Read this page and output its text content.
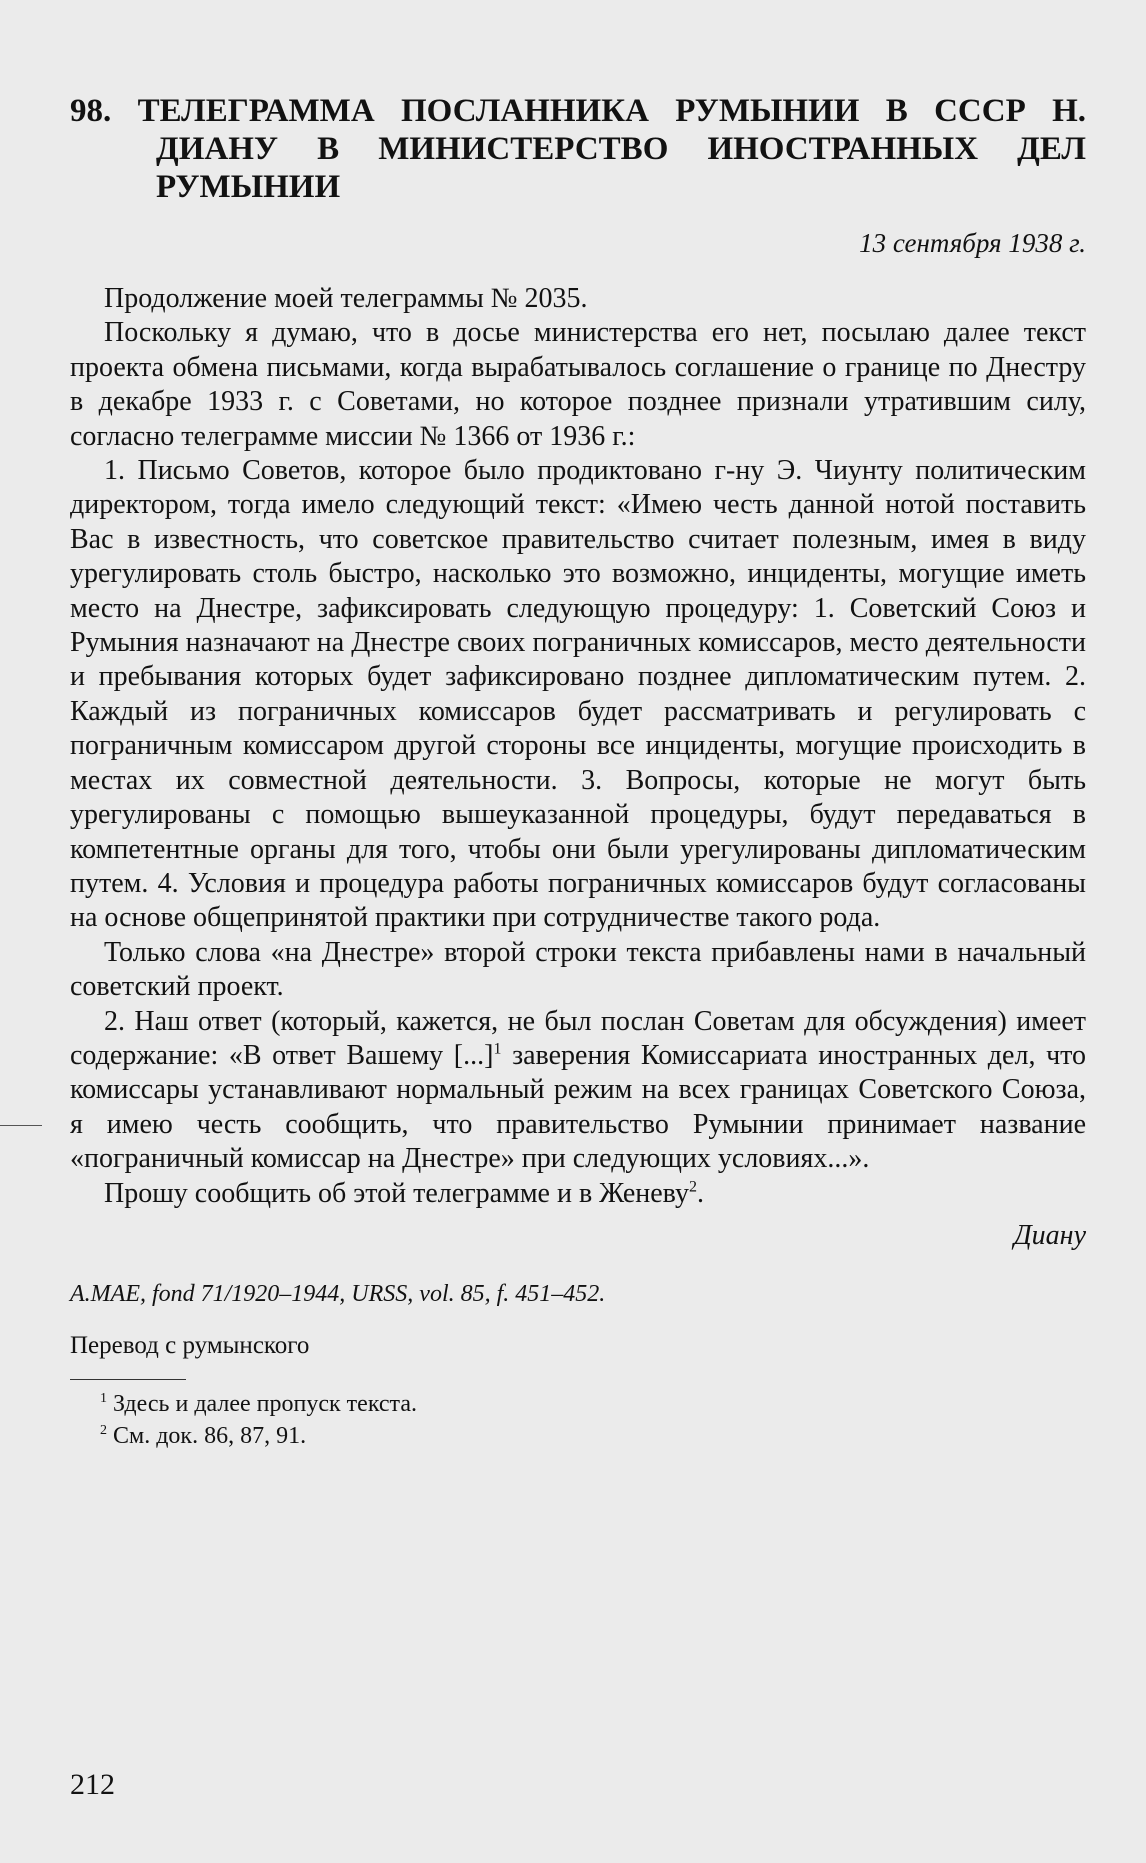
98. ТЕЛЕГРАММА ПОСЛАННИКА РУМЫНИИ В СССР Н. ДИАНУ В МИНИСТЕРСТВО ИНОСТРАННЫХ ДЕЛ РУМЫНИИ
13 сентября 1938 г.

Продолжение моей телеграммы № 2035.

Поскольку я думаю, что в досье министерства его нет, посылаю далее текст проекта обмена письмами, когда вырабатывалось соглашение о границе по Днестру в декабре 1933 г. с Советами, но которое позднее признали утратившим силу, согласно телеграмме миссии № 1366 от 1936 г.:

1. Письмо Советов, которое было продиктовано г-ну Э. Чиунту политическим директором, тогда имело следующий текст: «Имею честь данной нотой поставить Вас в известность, что советское правительство считает полезным, имея в виду урегулировать столь быстро, насколько это возможно, инциденты, могущие иметь место на Днестре, зафиксировать следующую процедуру: 1. Советский Союз и Румыния назначают на Днестре своих пограничных комиссаров, место деятельности и пребывания которых будет зафиксировано позднее дипломатическим путем. 2. Каждый из пограничных комиссаров будет рассматривать и регулировать с пограничным комиссаром другой стороны все инциденты, могущие происходить в местах их совместной деятельности. 3. Вопросы, которые не могут быть урегулированы с помощью вышеуказанной процедуры, будут передаваться в компетентные органы для того, чтобы они были урегулированы дипломатическим путем. 4. Условия и процедура работы пограничных комиссаров будут согласованы на основе общепринятой практики при сотрудничестве такого рода.

Только слова «на Днестре» второй строки текста прибавлены нами в начальный советский проект.

2. Наш ответ (который, кажется, не был послан Советам для обсуждения) имеет содержание: «В ответ Вашему [...]$^1$ заверения Комиссариата иностранных дел, что комиссары устанавливают нормальный режим на всех границах Советского Союза, я имею честь сообщить, что правительство Румынии принимает название «пограничный комиссар на Днестре» при следующих условиях...».

Прошу сообщить об этой телеграмме и в Женеву$^2$.

Диану
A.MAE, fond 71/1920–1944, URSS, vol. 85, f. 451–452.
Перевод с румынского
$^1$ Здесь и далее пропуск текста.
$^2$ См. док. 86, 87, 91.
212
